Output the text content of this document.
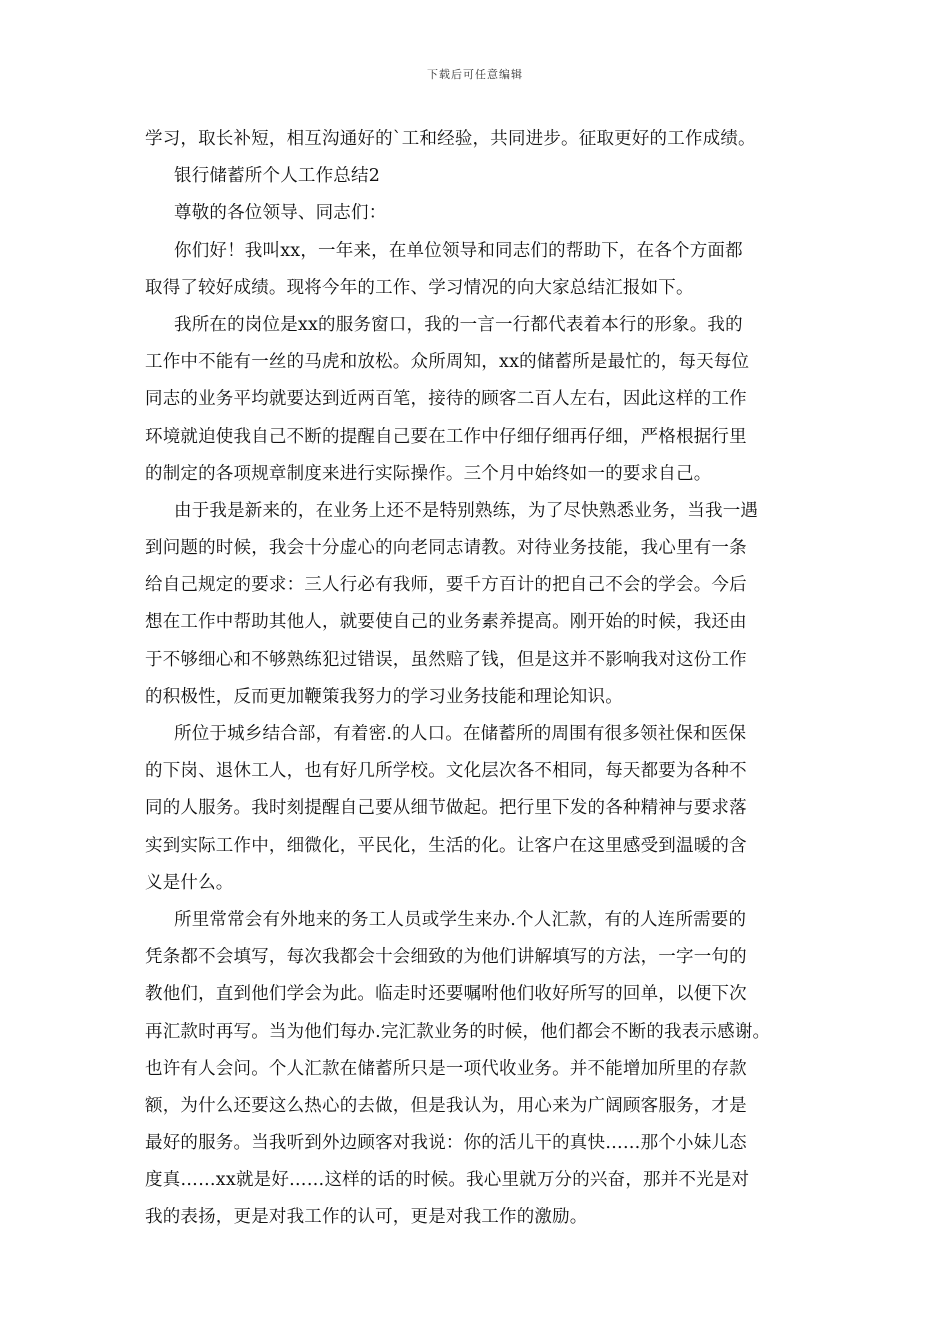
下载后可任意编辑
学习，取长补短，相互沟通好的`工和经验，共同进步。征取更好的工作成绩。
银行储蓄所个人工作总结2
尊敬的各位领导、同志们：
你们好！我叫xx，一年来，在单位领导和同志们的帮助下，在各个方面都
取得了较好成绩。现将今年的工作、学习情况的向大家总结汇报如下。
我所在的岗位是xx的服务窗口，我的一言一行都代表着本行的形象。我的
工作中不能有一丝的马虎和放松。众所周知，xx的储蓄所是最忙的，每天每位
同志的业务平均就要达到近两百笔，接待的顾客二百人左右，因此这样的工作
环境就迫使我自己不断的提醒自己要在工作中仔细仔细再仔细，严格根据行里
的制定的各项规章制度来进行实际操作。三个月中始终如一的要求自己。
由于我是新来的，在业务上还不是特别熟练，为了尽快熟悉业务，当我一遇
到问题的时候，我会十分虚心的向老同志请教。对待业务技能，我心里有一条
给自己规定的要求：三人行必有我师，要千方百计的把自己不会的学会。今后
想在工作中帮助其他人，就要使自己的业务素养提高。刚开始的时候，我还由
于不够细心和不够熟练犯过错误，虽然赔了钱，但是这并不影响我对这份工作
的积极性，反而更加鞭策我努力的学习业务技能和理论知识。
所位于城乡结合部，有着密.的人口。在储蓄所的周围有很多领社保和医保
的下岗、退休工人，也有好几所学校。文化层次各不相同，每天都要为各种不
同的人服务。我时刻提醒自己要从细节做起。把行里下发的各种精神与要求落
实到实际工作中，细微化，平民化，生活的化。让客户在这里感受到温暖的含
义是什么。
所里常常会有外地来的务工人员或学生来办.个人汇款，有的人连所需要的
凭条都不会填写，每次我都会十会细致的为他们讲解填写的方法，一字一句的
教他们，直到他们学会为此。临走时还要嘱咐他们收好所写的回单，以便下次
再汇款时再写。当为他们每办.完汇款业务的时候，他们都会不断的我表示感谢。
也许有人会问。个人汇款在储蓄所只是一项代收业务。并不能增加所里的存款
额，为什么还要这么热心的去做，但是我认为，用心来为广阔顾客服务，才是
最好的服务。当我听到外边顾客对我说：你的活儿干的真快……那个小妹儿态
度真……xx就是好……这样的话的时候。我心里就万分的兴奋，那并不光是对
我的表扬，更是对我工作的认可，更是对我工作的激励。
